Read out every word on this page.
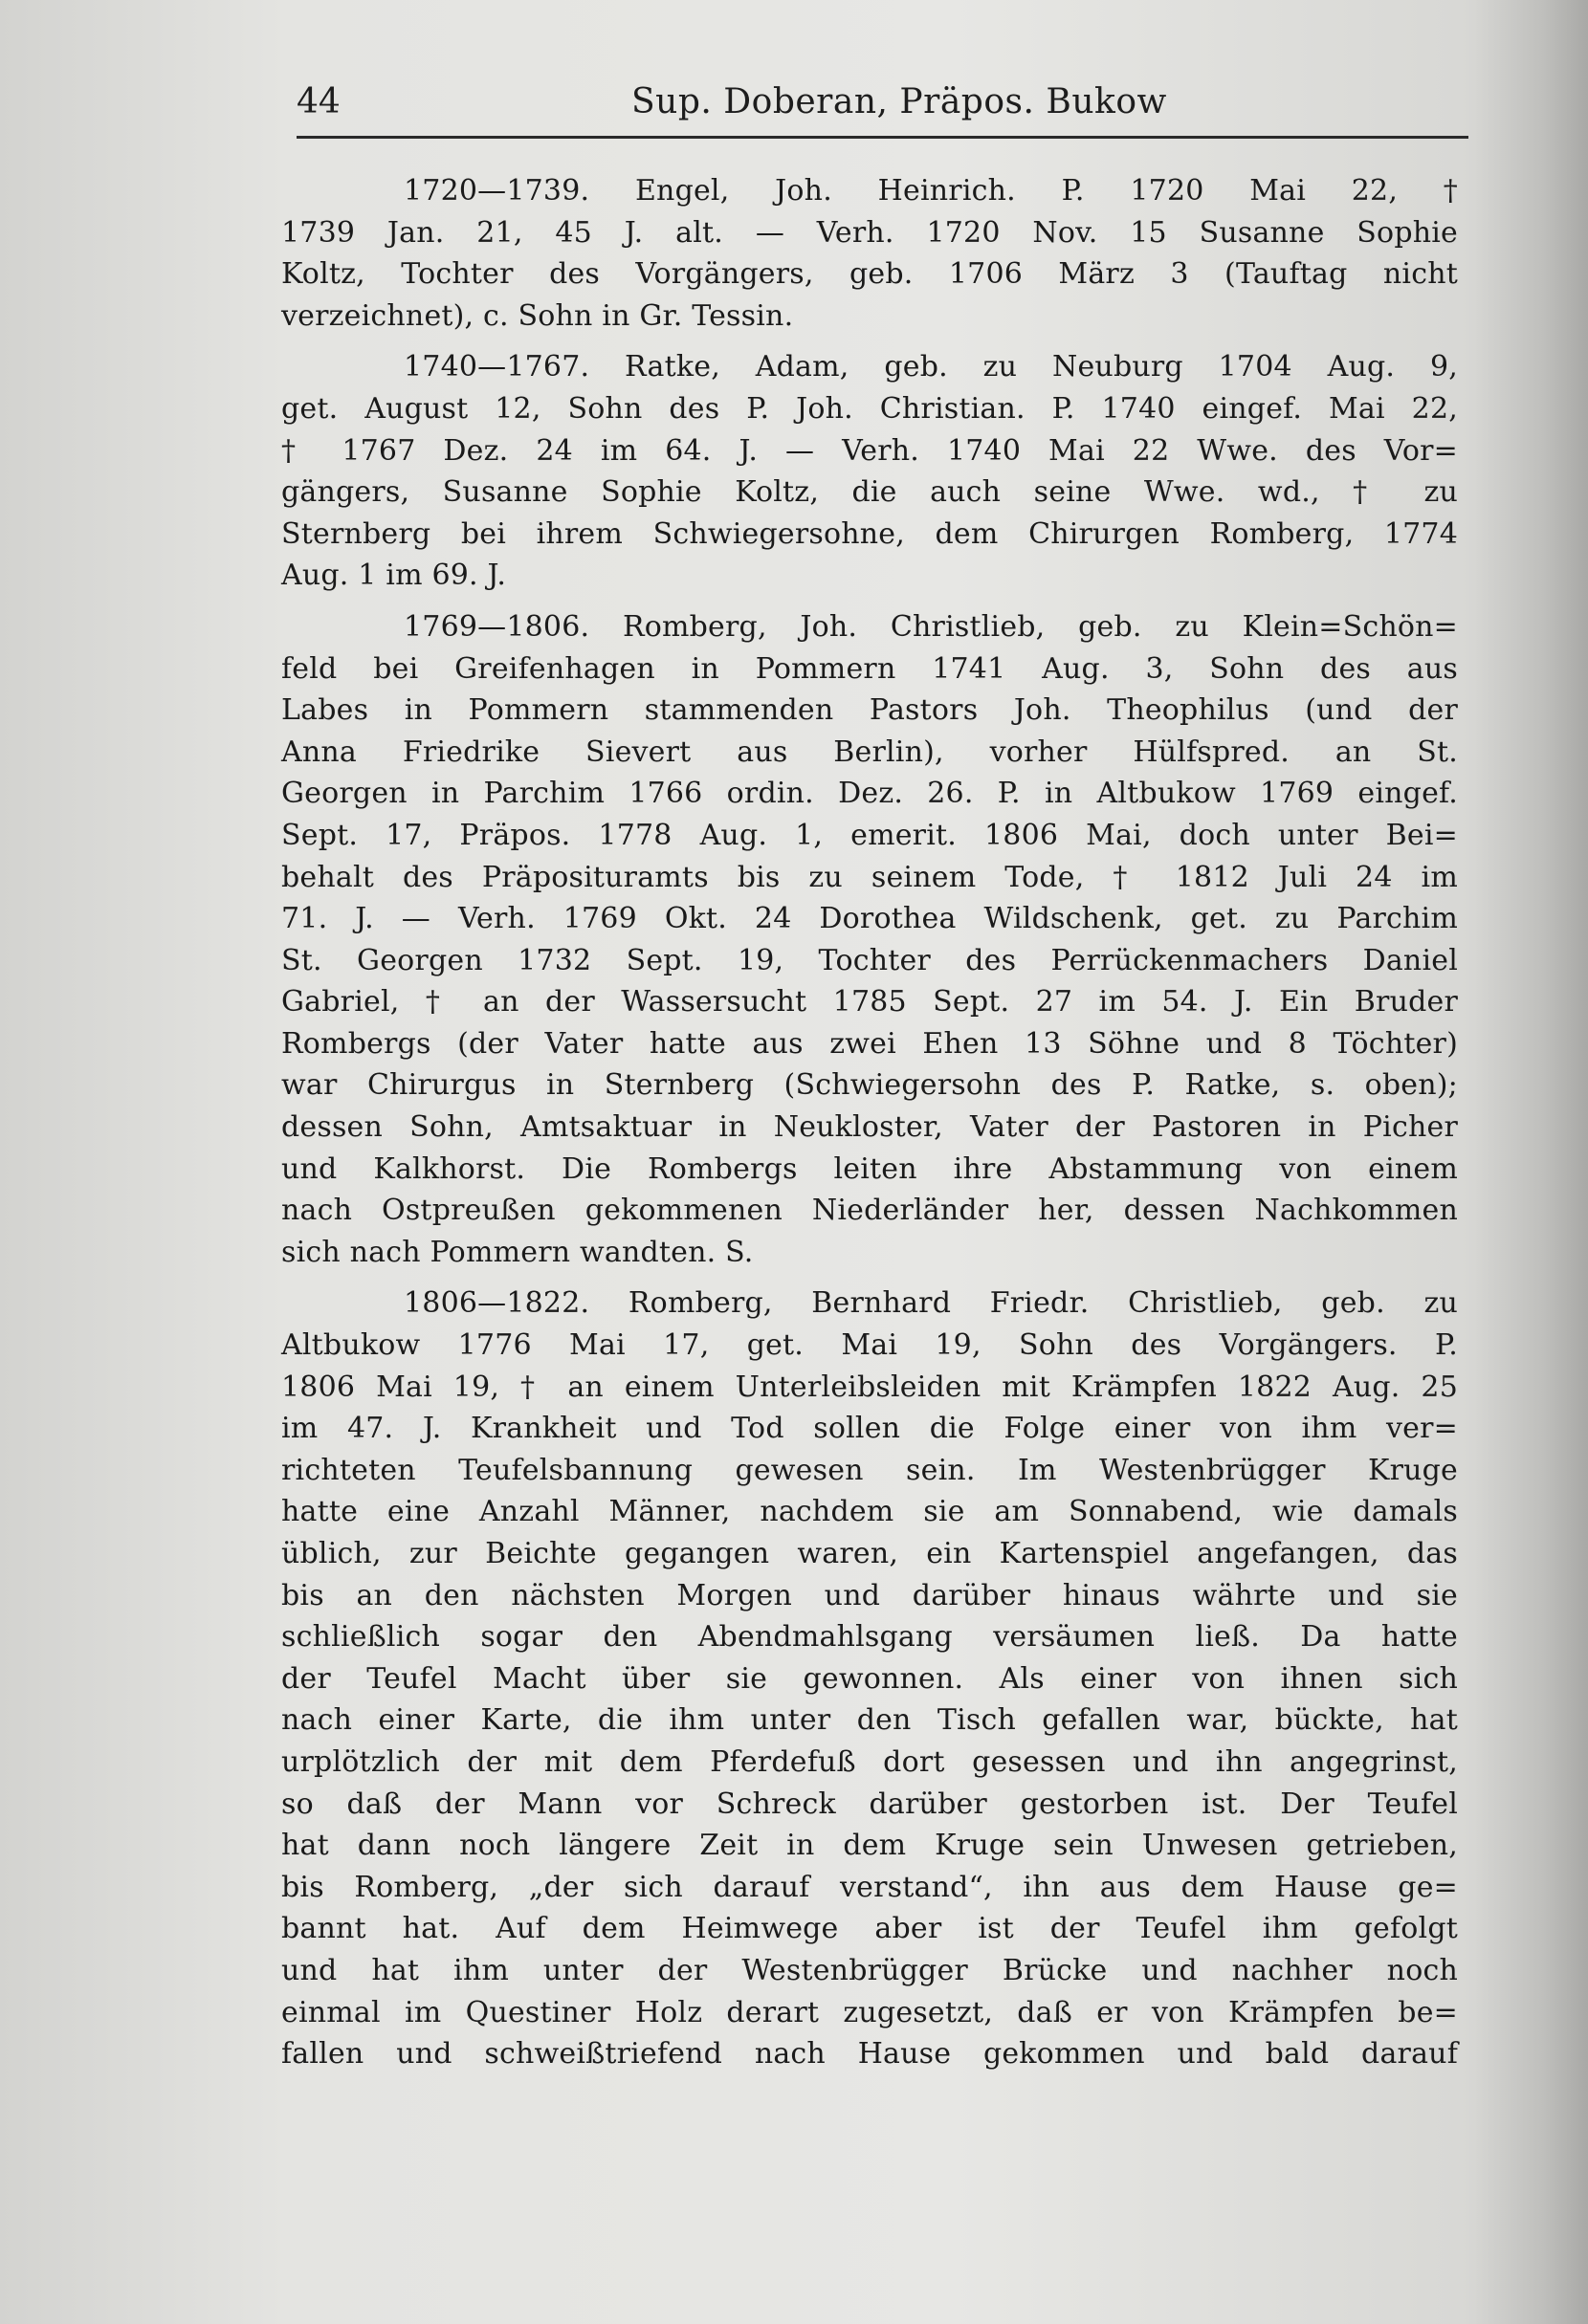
44	Sup. Doberan, Präpos. Bukow
1720—1739. Engel, Joh. Heinrich. P. 1720 Mai 22, †
1739 Jan. 21, 45 J. alt. — Verh. 1720 Nov. 15 Susanne Sophie
Koltz, Tochter des Vorgängers, geb. 1706 März 3 (Tauftag nicht
verzeichnet), c. Sohn in Gr. Tessin.
1740—1767. Ratke, Adam, geb. zu Neuburg 1704 Aug. 9,
get. August 12, Sohn des P. Joh. Christian. P. 1740 eingef. Mai 22,
† 1767 Dez. 24 im 64. J. — Verh. 1740 Mai 22 Wwe. des Vor=
gängers, Susanne Sophie Koltz, die auch seine Wwe. wd., † zu
Sternberg bei ihrem Schwiegersohne, dem Chirurgen Romberg, 1774
Aug. 1 im 69. J.
1769—1806. Romberg, Joh. Christlieb, geb. zu Klein=Schön=
feld bei Greifenhagen in Pommern 1741 Aug. 3, Sohn des aus
Labes in Pommern stammenden Pastors Joh. Theophilus (und der
Anna Friedrike Sievert aus Berlin), vorher Hülfspred. an St.
Georgen in Parchim 1766 ordin. Dez. 26. P. in Altbukow 1769 eingef.
Sept. 17, Präpos. 1778 Aug. 1, emerit. 1806 Mai, doch unter Bei=
behalt des Präposituramts bis zu seinem Tode, † 1812 Juli 24 im
71. J. — Verh. 1769 Okt. 24 Dorothea Wildschenk, get. zu Parchim
St. Georgen 1732 Sept. 19, Tochter des Perrückenmachers Daniel
Gabriel, † an der Wassersucht 1785 Sept. 27 im 54. J. Ein Bruder
Rombergs (der Vater hatte aus zwei Ehen 13 Söhne und 8 Töchter)
war Chirurgus in Sternberg (Schwiegersohn des P. Ratke, s. oben);
dessen Sohn, Amtsaktuar in Neukloster, Vater der Pastoren in Picher
und Kalkhorst. Die Rombergs leiten ihre Abstammung von einem
nach Ostpreußen gekommenen Niederländer her, dessen Nachkommen
sich nach Pommern wandten. S.
1806—1822. Romberg, Bernhard Friedr. Christlieb, geb. zu
Altbukow 1776 Mai 17, get. Mai 19, Sohn des Vorgängers. P.
1806 Mai 19, † an einem Unterleibsleiden mit Krämpfen 1822 Aug. 25
im 47. J. Krankheit und Tod sollen die Folge einer von ihm ver=
richteten Teufelsbannung gewesen sein. Im Westenbrügger Kruge
hatte eine Anzahl Männer, nachdem sie am Sonnabend, wie damals
üblich, zur Beichte gegangen waren, ein Kartenspiel angefangen, das
bis an den nächsten Morgen und darüber hinaus währte und sie
schließlich sogar den Abendmahlsgang versäumen ließ. Da hatte
der Teufel Macht über sie gewonnen. Als einer von ihnen sich
nach einer Karte, die ihm unter den Tisch gefallen war, bückte, hat
urplötzlich der mit dem Pferdefuß dort gesessen und ihn angegrinst,
so daß der Mann vor Schreck darüber gestorben ist. Der Teufel
hat dann noch längere Zeit in dem Kruge sein Unwesen getrieben,
bis Romberg, „der sich darauf verstand“, ihn aus dem Hause ge=
bannt hat. Auf dem Heimwege aber ist der Teufel ihm gefolgt
und hat ihm unter der Westenbrügger Brücke und nachher noch
einmal im Questiner Holz derart zugesetzt, daß er von Krämpfen be=
fallen und schweißtriefend nach Hause gekommen und bald darauf
